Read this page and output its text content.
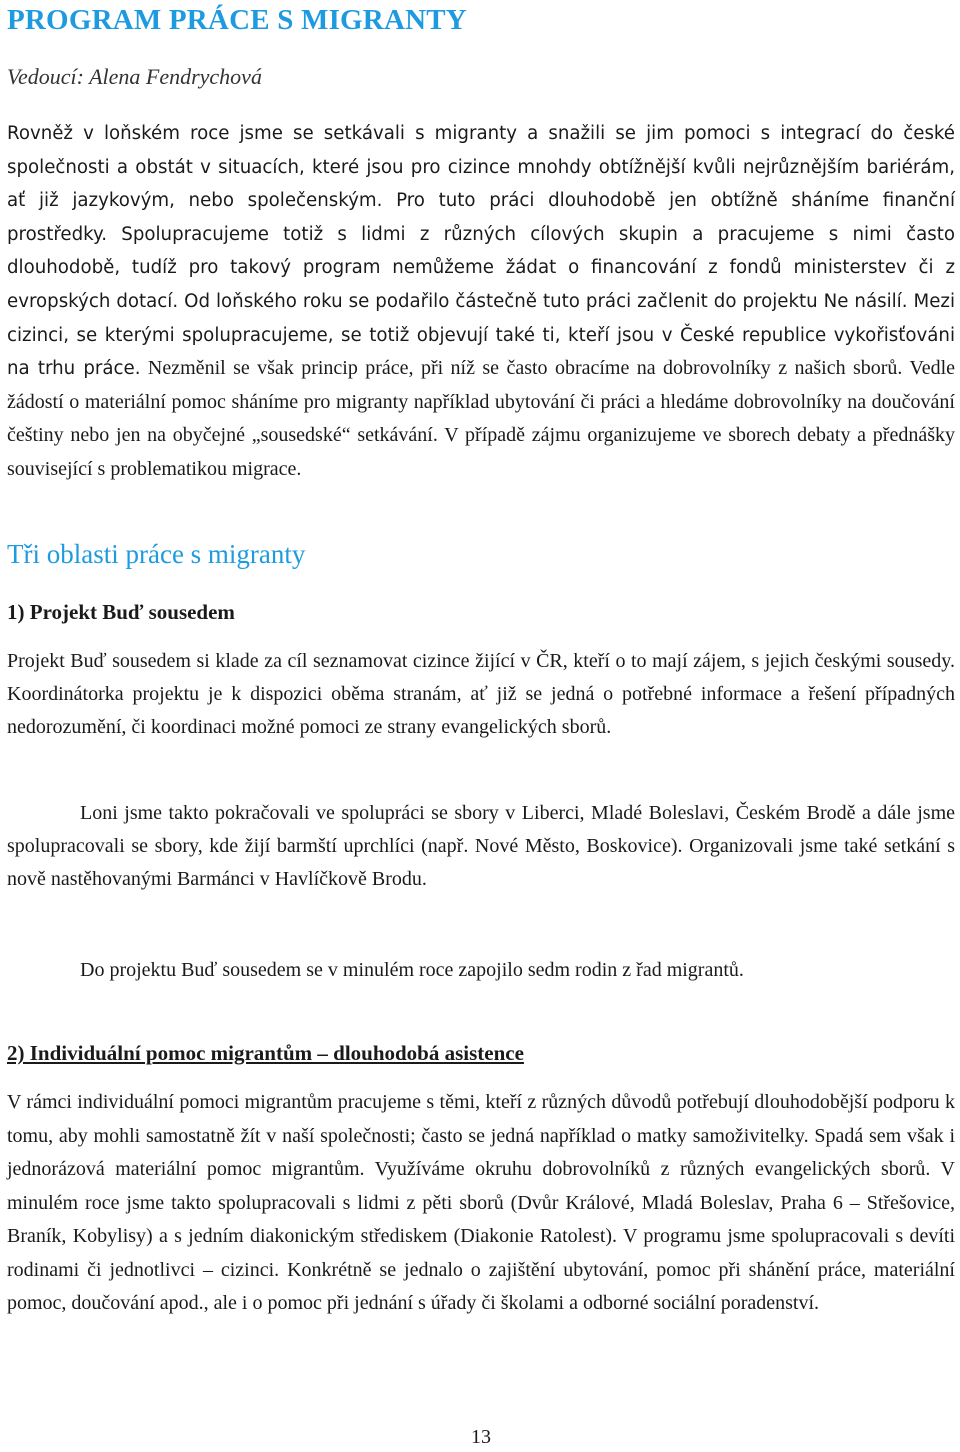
PROGRAM PRÁCE S MIGRANTY
Vedoucí: Alena Fendrychová

Rovněž v loňském roce jsme se setkávali s migranty a snažili se jim pomoci s integrací do české společnosti a obstát v situacích, které jsou pro cizince mnohdy obtížnější kvůli nejrůznějším bariérám, ať již jazykovým, nebo společenským. Pro tuto práci dlouhodobě jen obtížně sháníme finanční prostředky. Spolupracujeme totiž s lidmi z různých cílových skupin a pracujeme s nimi často dlouhodobě, tudíž pro takový program nemůžeme žádat o financování z fondů ministerstev či z evropských dotací. Od loňského roku se podařilo částečně tuto práci začlenit do projektu Ne násilí. Mezi cizinci, se kterými spolupracujeme, se totiž objevují také ti, kteří jsou v České republice vykořisťováni na trhu práce. Nezměnil se však princip práce, při níž se často obracíme na dobrovolníky z našich sborů. Vedle žádostí o materiální pomoc sháníme pro migranty například ubytování či práci a hledáme dobrovolníky na doučování češtiny nebo jen na obyčejné „sousedské“ setkávání. V případě zájmu organizujeme ve sborech debaty a přednášky související s problematikou migrace.

Tři oblasti práce s migranty
1) Projekt Buď sousedem

Projekt Buď sousedem si klade za cíl seznamovat cizince žijící v ČR, kteří o to mají zájem, s jejich českými sousedy. Koordinátorka projektu je k dispozici oběma stranám, ať již se jedná o potřebné informace a řešení případných nedorozumění, či koordinaci možné pomoci ze strany evangelických sborů.

Loni jsme takto pokračovali ve spolupráci se sbory v Liberci, Mladé Boleslavi, Českém Brodě a dále jsme spolupracovali se sbory, kde žijí barmští uprchlíci (např. Nové Město, Boskovice). Organizovali jsme také setkání s nově nastěhovanými Barmánci v Havlíčkově Brodu.

Do projektu Buď sousedem se v minulém roce zapojilo sedm rodin z řad migrantů.

2) Individuální pomoc migrantům – dlouhodobá asistence

V rámci individuální pomoci migrantům pracujeme s těmi, kteří z různých důvodů potřebují dlouhodobější podporu k tomu, aby mohli samostatně žít v naší společnosti; často se jedná například o matky samoživitelky. Spadá sem však i jednorázová materiální pomoc migrantům. Využíváme okruhu dobrovolníků z různých evangelických sborů. V minulém roce jsme takto spolupracovali s lidmi z pěti sborů (Dvůr Králové, Mladá Boleslav, Praha 6 – Střešovice, Braník, Kobylisy) a s jedním diakonickým střediskem (Diakonie Ratolest). V programu jsme spolupracovali s devíti rodinami či jednotlivci – cizinci. Konkrétně se jednalo o zajištění ubytování, pomoc při shánění práce, materiální pomoc, doučování apod., ale i o pomoc při jednání s úřady či školami a odborné sociální poradenství.

13
